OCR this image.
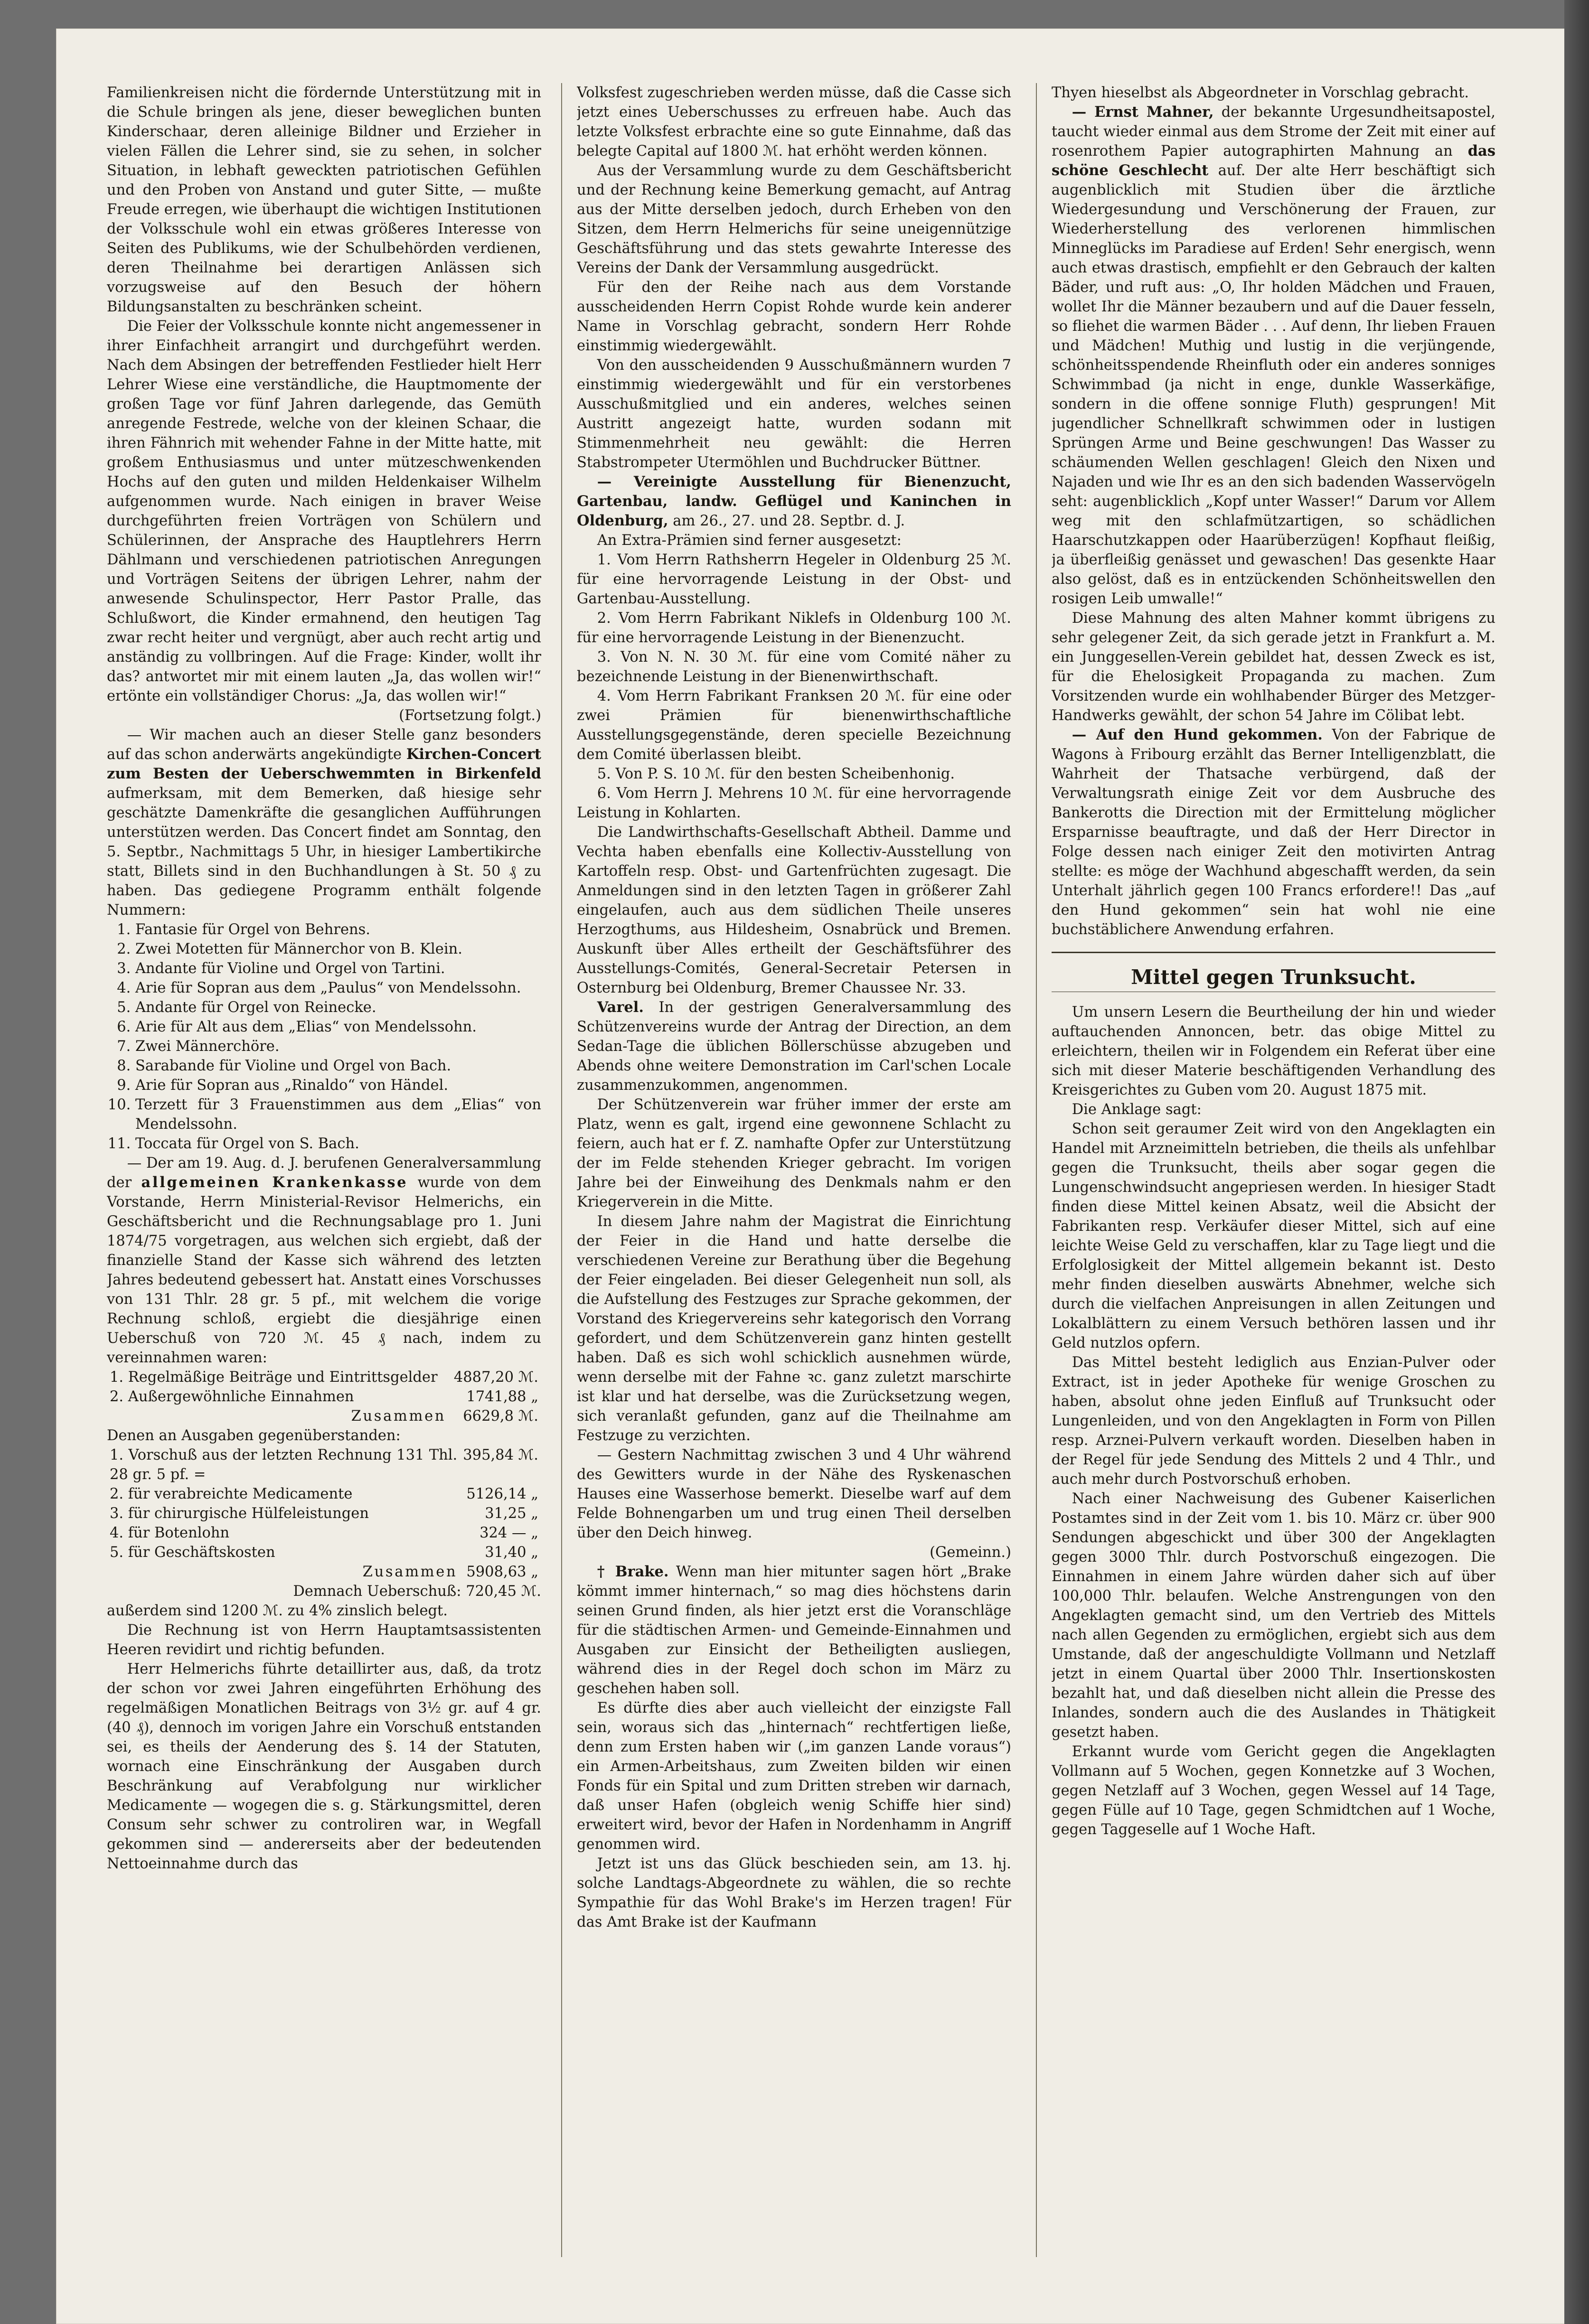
Familienkreisen nicht die fördernde Unterstützung mit in die Schule bringen als jene, dieser beweglichen bunten Kinderschaar, deren alleinige Bildner und Erzieher in vielen Fällen die Lehrer sind, sie zu sehen, in solcher Situation, in lebhaft geweckten patriotischen Gefühlen und den Proben von Anstand und guter Sitte, — mußte Freude erregen, wie überhaupt die wichtigen Institutionen der Volksschule wohl ein etwas größeres Interesse von Seiten des Publikums, wie der Schulbehörden verdienen, deren Theilnahme bei derartigen Anlässen sich vorzugsweise auf den Besuch der höhern Bildungsanstalten zu beschränken scheint.

Die Feier der Volksschule konnte nicht angemessener in ihrer Einfachheit arrangirt und durchgeführt werden. Nach dem Absingen der betreffenden Festlieder hielt Herr Lehrer Wiese eine verständliche, die Hauptmomente der großen Tage vor fünf Jahren darlegende, das Gemüth anregende Festrede, welche von der kleinen Schaar, die ihren Fähnrich mit wehender Fahne in der Mitte hatte, mit großem Enthusiasmus und unter mützeschwenkenden Hochs auf den guten und milden Heldenkaiser Wilhelm aufgenommen wurde. Nach einigen in braver Weise durchgeführten freien Vorträgen von Schülern und Schülerinnen, der Ansprache des Hauptlehrers Herrn Dählmann und verschiedenen patriotischen Anregungen und Vorträgen Seitens der übrigen Lehrer, nahm der anwesende Schulinspector, Herr Pastor Pralle, das Schlußwort, die Kinder ermahnend, den heutigen Tag zwar recht heiter und vergnügt, aber auch recht artig und anständig zu vollbringen. Auf die Frage: Kinder, wollt ihr das? antwortet mir mit einem lauten „Ja, das wollen wir!“ ertönte ein vollständiger Chorus: „Ja, das wollen wir!“

(Fortsetzung folgt.)

— Wir machen auch an dieser Stelle ganz besonders auf das schon anderwärts angekündigte Kirchen-Concert zum Besten der Ueberschwemmten in Birkenfeld aufmerksam, mit dem Bemerken, daß hiesige sehr geschätzte Damenkräfte die gesanglichen Aufführungen unterstützen werden. Das Concert findet am Sonntag, den 5. Septbr., Nachmittags 5 Uhr, in hiesiger Lambertikirche statt, Billets sind in den Buchhandlungen à St. 50 ₰ zu haben. Das gediegene Programm enthält folgende Nummern:

1. Fantasie für Orgel von Behrens.
2. Zwei Motetten für Männerchor von B. Klein.
3. Andante für Violine und Orgel von Tartini.
4. Arie für Sopran aus dem „Paulus“ von Mendelssohn.
5. Andante für Orgel von Reinecke.
6. Arie für Alt aus dem „Elias“ von Mendelssohn.
7. Zwei Männerchöre.
8. Sarabande für Violine und Orgel von Bach.
9. Arie für Sopran aus „Rinaldo“ von Händel.
10. Terzett für 3 Frauenstimmen aus dem „Elias“ von Mendelssohn.
11. Toccata für Orgel von S. Bach.

— Der am 19. Aug. d. J. berufenen Generalversammlung der allgemeinen Krankenkasse wurde von dem Vorstande, Herrn Ministerial-Revisor Helmerichs, ein Geschäftsbericht und die Rechnungsablage pro 1. Juni 1874/75 vorgetragen, aus welchen sich ergiebt, daß der finanzielle Stand der Kasse sich während des letzten Jahres bedeutend gebessert hat. Anstatt eines Vorschusses von 131 Thlr. 28 gr. 5 pf., mit welchem die vorige Rechnung schloß, ergiebt die diesjährige einen Ueberschuß von 720 ℳ. 45 ₰ nach, indem zu vereinnahmen waren:

1. Regelmäßige Beiträge und Eintrittsgelder	4887,20 ℳ.
2. Außergewöhnliche Einnahmen	1741,88 „
Zusammen	6629,8 ℳ.

Denen an Ausgaben gegenüberstanden:

1. Vorschuß aus der letzten Rechnung 131 Thl. 28 gr. 5 pf. =	395,84 ℳ.
2. für verabreichte Medicamente	5126,14 „
3. für chirurgische Hülfeleistungen	31,25 „
4. für Botenlohn	324 — „
5. für Geschäftskosten	31,40 „
Zusammen	5908,63 „
Demnach Ueberschuß: 720,45 ℳ.

außerdem sind 1200 ℳ. zu 4% zinslich belegt.

Die Rechnung ist von Herrn Hauptamtsassistenten Heeren revidirt und richtig befunden.

Herr Helmerichs führte detaillirter aus, daß, da trotz der schon vor zwei Jahren eingeführten Erhöhung des regelmäßigen Monatlichen Beitrags von 3½ gr. auf 4 gr. (40 ₰), dennoch im vorigen Jahre ein Vorschuß entstanden sei, es theils der Aenderung des §. 14 der Statuten, wornach eine Einschränkung der Ausgaben durch Beschränkung auf Verabfolgung nur wirklicher Medicamente — wogegen die s. g. Stärkungsmittel, deren Consum sehr schwer zu controliren war, in Wegfall gekommen sind — andererseits aber der bedeutenden Nettoeinnahme durch das

Volksfest zugeschrieben werden müsse, daß die Casse sich jetzt eines Ueberschusses zu erfreuen habe. Auch das letzte Volksfest erbrachte eine so gute Einnahme, daß das belegte Capital auf 1800 ℳ. hat erhöht werden können.

Aus der Versammlung wurde zu dem Geschäftsbericht und der Rechnung keine Bemerkung gemacht, auf Antrag aus der Mitte derselben jedoch, durch Erheben von den Sitzen, dem Herrn Helmerichs für seine uneigennützige Geschäftsführung und das stets gewahrte Interesse des Vereins der Dank der Versammlung ausgedrückt.

Für den der Reihe nach aus dem Vorstande ausscheidenden Herrn Copist Rohde wurde kein anderer Name in Vorschlag gebracht, sondern Herr Rohde einstimmig wiedergewählt.

Von den ausscheidenden 9 Ausschußmännern wurden 7 einstimmig wiedergewählt und für ein verstorbenes Ausschußmitglied und ein anderes, welches seinen Austritt angezeigt hatte, wurden sodann mit Stimmenmehrheit neu gewählt: die Herren Stabstrompeter Utermöhlen und Buchdrucker Büttner.

— Vereinigte Ausstellung für Bienenzucht, Gartenbau, landw. Geflügel und Kaninchen in Oldenburg, am 26., 27. und 28. Septbr. d. J.

An Extra-Prämien sind ferner ausgesetzt:

1. Vom Herrn Rathsherrn Hegeler in Oldenburg 25 ℳ. für eine hervorragende Leistung in der Obst- und Gartenbau-Ausstellung.

2. Vom Herrn Fabrikant Niklefs in Oldenburg 100 ℳ. für eine hervorragende Leistung in der Bienenzucht.

3. Von N. N. 30 ℳ. für eine vom Comité näher zu bezeichnende Leistung in der Bienenwirthschaft.

4. Vom Herrn Fabrikant Franksen 20 ℳ. für eine oder zwei Prämien für bienenwirthschaftliche Ausstellungsgegenstände, deren specielle Bezeichnung dem Comité überlassen bleibt.

5. Von P. S. 10 ℳ. für den besten Scheibenhonig.

6. Vom Herrn J. Mehrens 10 ℳ. für eine hervorragende Leistung in Kohlarten.

Die Landwirthschafts-Gesellschaft Abtheil. Damme und Vechta haben ebenfalls eine Kollectiv-Ausstellung von Kartoffeln resp. Obst- und Gartenfrüchten zugesagt. Die Anmeldungen sind in den letzten Tagen in größerer Zahl eingelaufen, auch aus dem südlichen Theile unseres Herzogthums, aus Hildesheim, Osnabrück und Bremen. Auskunft über Alles ertheilt der Geschäftsführer des Ausstellungs-Comités, General-Secretair Petersen in Osternburg bei Oldenburg, Bremer Chaussee Nr. 33.

Varel. In der gestrigen Generalversammlung des Schützenvereins wurde der Antrag der Direction, an dem Sedan-Tage die üblichen Böllerschüsse abzugeben und Abends ohne weitere Demonstration im Carl'schen Locale zusammenzukommen, angenommen.

Der Schützenverein war früher immer der erste am Platz, wenn es galt, irgend eine gewonnene Schlacht zu feiern, auch hat er f. Z. namhafte Opfer zur Unterstützung der im Felde stehenden Krieger gebracht. Im vorigen Jahre bei der Einweihung des Denkmals nahm er den Kriegerverein in die Mitte.

In diesem Jahre nahm der Magistrat die Einrichtung der Feier in die Hand und hatte derselbe die verschiedenen Vereine zur Berathung über die Begehung der Feier eingeladen. Bei dieser Gelegenheit nun soll, als die Aufstellung des Festzuges zur Sprache gekommen, der Vorstand des Kriegervereins sehr kategorisch den Vorrang gefordert, und dem Schützenverein ganz hinten gestellt haben. Daß es sich wohl schicklich ausnehmen würde, wenn derselbe mit der Fahne ꝛc. ganz zuletzt marschirte ist klar und hat derselbe, was die Zurücksetzung wegen, sich veranlaßt gefunden, ganz auf die Theilnahme am Festzuge zu verzichten.

— Gestern Nachmittag zwischen 3 und 4 Uhr während des Gewitters wurde in der Nähe des Ryskenaschen Hauses eine Wasserhose bemerkt. Dieselbe warf auf dem Felde Bohnengarben um und trug einen Theil derselben über den Deich hinweg.

(Gemeinn.)

† Brake. Wenn man hier mitunter sagen hört „Brake kömmt immer hinternach,“ so mag dies höchstens darin seinen Grund finden, als hier jetzt erst die Voranschläge für die städtischen Armen- und Gemeinde-Einnahmen und Ausgaben zur Einsicht der Betheiligten ausliegen, während dies in der Regel doch schon im März zu geschehen haben soll.

Es dürfte dies aber auch vielleicht der einzigste Fall sein, woraus sich das „hinternach“ rechtfertigen ließe, denn zum Ersten haben wir („im ganzen Lande voraus“) ein Armen-Arbeitshaus, zum Zweiten bilden wir einen Fonds für ein Spital und zum Dritten streben wir darnach, daß unser Hafen (obgleich wenig Schiffe hier sind) erweitert wird, bevor der Hafen in Nordenhamm in Angriff genommen wird.

Jetzt ist uns das Glück beschieden sein, am 13. hj. solche Landtags-Abgeordnete zu wählen, die so rechte Sympathie für das Wohl Brake's im Herzen tragen! Für das Amt Brake ist der Kaufmann

Thyen hieselbst als Abgeordneter in Vorschlag gebracht.

— Ernst Mahner, der bekannte Urgesundheitsapostel, taucht wieder einmal aus dem Strome der Zeit mit einer auf rosenrothem Papier autographirten Mahnung an das schöne Geschlecht auf. Der alte Herr beschäftigt sich augenblicklich mit Studien über die ärztliche Wiedergesundung und Verschönerung der Frauen, zur Wiederherstellung des verlorenen himmlischen Minneglücks im Paradiese auf Erden! Sehr energisch, wenn auch etwas drastisch, empfiehlt er den Gebrauch der kalten Bäder, und ruft aus: „O, Ihr holden Mädchen und Frauen, wollet Ihr die Männer bezaubern und auf die Dauer fesseln, so fliehet die warmen Bäder . . . Auf denn, Ihr lieben Frauen und Mädchen! Muthig und lustig in die verjüngende, schönheitsspendende Rheinfluth oder ein anderes sonniges Schwimmbad (ja nicht in enge, dunkle Wasserkäfige, sondern in die offene sonnige Fluth) gesprungen! Mit jugendlicher Schnellkraft schwimmen oder in lustigen Sprüngen Arme und Beine geschwungen! Das Wasser zu schäumenden Wellen geschlagen! Gleich den Nixen und Najaden und wie Ihr es an den sich badenden Wasservögeln seht: augenblicklich „Kopf unter Wasser!“ Darum vor Allem weg mit den schlafmützartigen, so schädlichen Haarschutzkappen oder Haarüberzügen! Kopfhaut fleißig, ja überfleißig genässet und gewaschen! Das gesenkte Haar also gelöst, daß es in entzückenden Schönheitswellen den rosigen Leib umwalle!“

Diese Mahnung des alten Mahner kommt übrigens zu sehr gelegener Zeit, da sich gerade jetzt in Frankfurt a. M. ein Junggesellen-Verein gebildet hat, dessen Zweck es ist, für die Ehelosigkeit Propaganda zu machen. Zum Vorsitzenden wurde ein wohlhabender Bürger des Metzger-Handwerks gewählt, der schon 54 Jahre im Cölibat lebt.

— Auf den Hund gekommen. Von der Fabrique de Wagons à Fribourg erzählt das Berner Intelligenzblatt, die Wahrheit der Thatsache verbürgend, daß der Verwaltungsrath einige Zeit vor dem Ausbruche des Bankerotts die Direction mit der Ermittelung möglicher Ersparnisse beauftragte, und daß der Herr Director in Folge dessen nach einiger Zeit den motivirten Antrag stellte: es möge der Wachhund abgeschafft werden, da sein Unterhalt jährlich gegen 100 Francs erfordere!! Das „auf den Hund gekommen“ sein hat wohl nie eine buchstäblichere Anwendung erfahren.

Mittel gegen Trunksucht.

Um unsern Lesern die Beurtheilung der hin und wieder auftauchenden Annoncen, betr. das obige Mittel zu erleichtern, theilen wir in Folgendem ein Referat über eine sich mit dieser Materie beschäftigenden Verhandlung des Kreisgerichtes zu Guben vom 20. August 1875 mit.

Die Anklage sagt:

Schon seit geraumer Zeit wird von den Angeklagten ein Handel mit Arzneimitteln betrieben, die theils als unfehlbar gegen die Trunksucht, theils aber sogar gegen die Lungenschwindsucht angepriesen werden. In hiesiger Stadt finden diese Mittel keinen Absatz, weil die Absicht der Fabrikanten resp. Verkäufer dieser Mittel, sich auf eine leichte Weise Geld zu verschaffen, klar zu Tage liegt und die Erfolglosigkeit der Mittel allgemein bekannt ist. Desto mehr finden dieselben auswärts Abnehmer, welche sich durch die vielfachen Anpreisungen in allen Zeitungen und Lokalblättern zu einem Versuch bethören lassen und ihr Geld nutzlos opfern.

Das Mittel besteht lediglich aus Enzian-Pulver oder Extract, ist in jeder Apotheke für wenige Groschen zu haben, absolut ohne jeden Einfluß auf Trunksucht oder Lungenleiden, und von den Angeklagten in Form von Pillen resp. Arznei-Pulvern verkauft worden. Dieselben haben in der Regel für jede Sendung des Mittels 2 und 4 Thlr., und auch mehr durch Postvorschuß erhoben.

Nach einer Nachweisung des Gubener Kaiserlichen Postamtes sind in der Zeit vom 1. bis 10. März cr. über 900 Sendungen abgeschickt und über 300 der Angeklagten gegen 3000 Thlr. durch Postvorschuß eingezogen. Die Einnahmen in einem Jahre würden daher sich auf über 100,000 Thlr. belaufen. Welche Anstrengungen von den Angeklagten gemacht sind, um den Vertrieb des Mittels nach allen Gegenden zu ermöglichen, ergiebt sich aus dem Umstande, daß der angeschuldigte Vollmann und Netzlaff jetzt in einem Quartal über 2000 Thlr. Insertionskosten bezahlt hat, und daß dieselben nicht allein die Presse des Inlandes, sondern auch die des Auslandes in Thätigkeit gesetzt haben.

Erkannt wurde vom Gericht gegen die Angeklagten Vollmann auf 5 Wochen, gegen Konnetzke auf 3 Wochen, gegen Netzlaff auf 3 Wochen, gegen Wessel auf 14 Tage, gegen Fülle auf 10 Tage, gegen Schmidtchen auf 1 Woche, gegen Taggeselle auf 1 Woche Haft.
